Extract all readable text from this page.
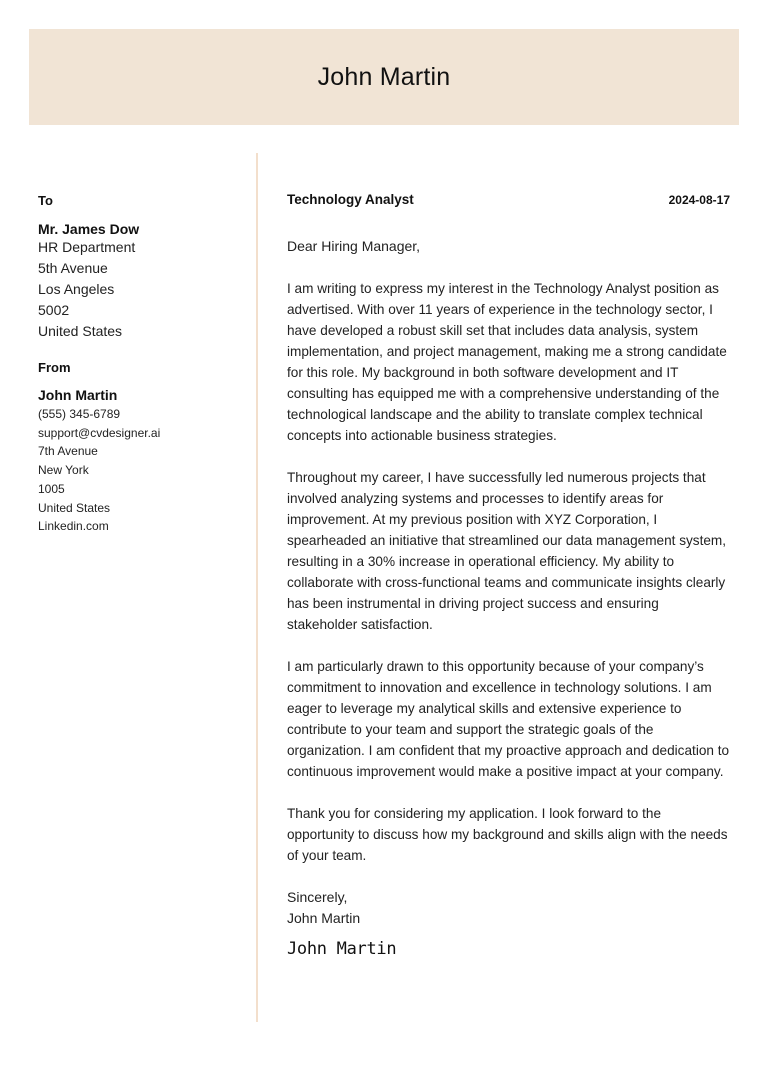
John Martin
To
Mr. James Dow
HR Department
5th Avenue
Los Angeles
5002
United States
From
John Martin
(555) 345-6789
support@cvdesigner.ai
7th Avenue
New York
1005
United States
Linkedin.com
Technology Analyst	2024-08-17
Dear Hiring Manager,

I am writing to express my interest in the Technology Analyst position as advertised. With over 11 years of experience in the technology sector, I have developed a robust skill set that includes data analysis, system implementation, and project management, making me a strong candidate for this role. My background in both software development and IT consulting has equipped me with a comprehensive understanding of the technological landscape and the ability to translate complex technical concepts into actionable business strategies.

Throughout my career, I have successfully led numerous projects that involved analyzing systems and processes to identify areas for improvement. At my previous position with XYZ Corporation, I spearheaded an initiative that streamlined our data management system, resulting in a 30% increase in operational efficiency. My ability to collaborate with cross-functional teams and communicate insights clearly has been instrumental in driving project success and ensuring stakeholder satisfaction.

I am particularly drawn to this opportunity because of your company’s commitment to innovation and excellence in technology solutions. I am eager to leverage my analytical skills and extensive experience to contribute to your team and support the strategic goals of the organization. I am confident that my proactive approach and dedication to continuous improvement would make a positive impact at your company.

Thank you for considering my application. I look forward to the opportunity to discuss how my background and skills align with the needs of your team.

Sincerely,
John Martin
John Martin
